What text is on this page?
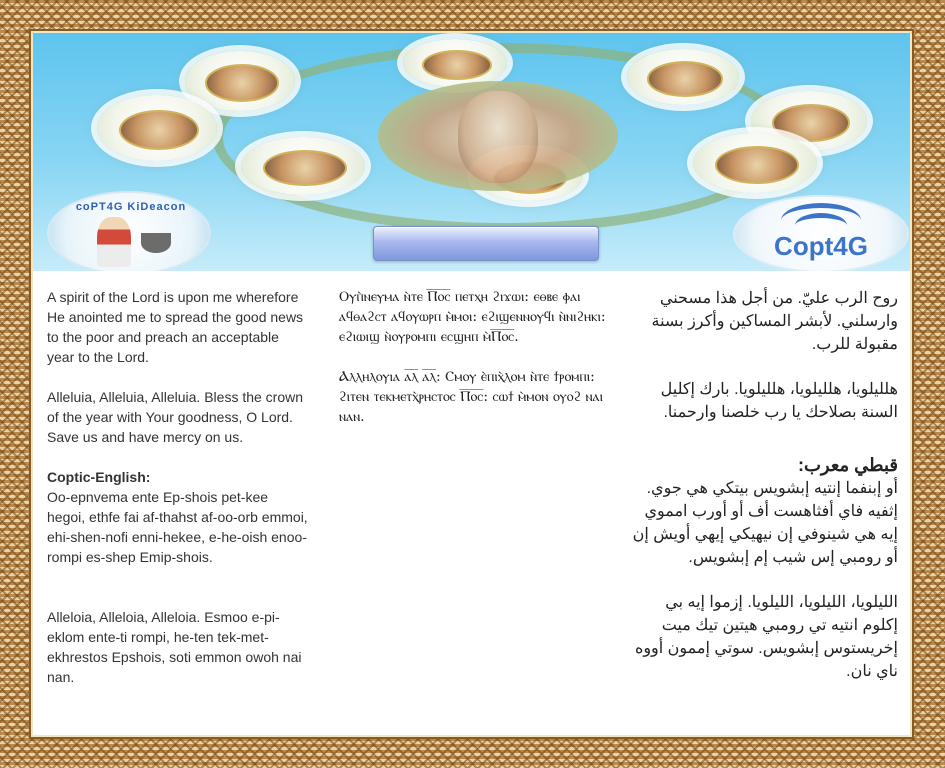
coPT4G KiDeacon
Copt4G

A spirit of the Lord is upon me wherefore He anointed me to spread the good news to the poor and preach an acceptable year to the Lord.

Alleluia, Alleluia, Alleluia. Bless the crown of the year with Your goodness, O Lord. Save us and have mercy on us.

Coptic-English:
Oo-epnvema ente Ep-shois pet-kee hegoi, ethfe fai af-thahst af-oo-orb emmoi, ehi-shen-nofi enni-hekee, e-he-oish enoo-rompi es-shep Emip-shois.

Alleloia, Alleloia, Alleloia. Esmoo e-pi-eklom ente-ti rompi, he-ten tek-met-ekhrestos Epshois, soti emmon owoh nai nan.

Ⲟⲩⲡ̀ⲛⲉⲩⲙⲁ ⲛ̀ⲧⲉ Ⲡ̅ⲟ̅ⲥ̅ ⲡⲉⲧⲭⲏ ϩⲓϫⲱⲓ: ⲉⲑⲃⲉ ⲫⲁⲓ ⲁϥⲑⲁϩⲥⲧ ⲁϥⲟⲩⲱⲣⲡ ⲙ̀ⲙⲟⲓ: ⲉϩⲓϣⲉⲛⲛⲟⲩϥⲓ ⲛ̀ⲛⲓϩⲏⲕⲓ: ⲉϩⲓⲱⲓϣ ⲛ̀ⲟⲩⲣⲟⲙⲡⲓ ⲉⲥϣⲏⲡ ⲙ̀Ⲡ̅ⲟ̅ⲥ̅.

Ⲁⲗⲗⲏⲗⲟⲩⲓⲁ ⲁ̅ⲗ̅ ⲁ̅ⲗ̅: Ⲥⲙⲟⲩ ⲉ̀ⲡⲓⲭ̀ⲗⲟⲙ ⲛ̀ⲧⲉ ϯⲣⲟⲙⲡⲓ: ϩⲓⲧⲉⲛ ⲧⲉⲕⲙⲉⲧⲭ̀ⲣⲏⲥⲧⲟⲥ Ⲡ̅ⲟ̅ⲥ̅: ⲥⲱϯ ⲙ̀ⲙⲟⲛ ⲟⲩⲟϩ ⲛⲁⲓ ⲛⲁⲛ.

روح الرب عليّ. من أجل هذا مسحني وارسلني. لأبشر المساكين وأكرز بسنة مقبولة للرب.

هلليلويا، هلليلويا، هلليلويا. بارك إكليل السنة بصلاحك يا رب خلصنا وارحمنا.

قبطي معرب:
أو إبنفما إنتيه إبشويس بيتكي هي جوي. إثفيه فاي أفثاهست أف أو أورب امموي إيه هي شينوفي إن نيهيكي إيهي أويش إن أو رومبي إس شيب إم إبشويس.

الليلويا، الليلويا، الليلويا. إزموا إيه بي إكلوم انتيه تي رومبي هيتين تيك ميت إخريستوس إبشويس. سوتي إممون أووه ناي نان.
